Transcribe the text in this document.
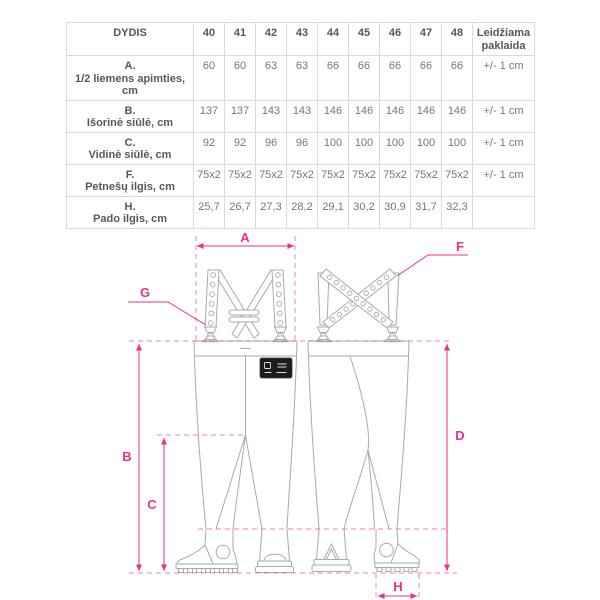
DYDIS	40	41	42	43	44	45	46	47	48	Leidžiama paklaida

A.
1/2 liemens apimties, cm	60	60	63	63	66	66	66	66	66	+/- 1 cm

B.
Išorinė siūlė, cm	137	137	143	143	146	146	146	146	146	+/- 1 cm

C.
Vidinė siūlė, cm	92	92	96	96	100	100	100	100	100	+/- 1 cm

F.
Petnešų ilgis, cm	75x2	75x2	75x2	75x2	75x2	75x2	75x2	75x2	75x2	+/- 1 cm

H.
Pado ilgis, cm	25,7	26,7	27,3	28,2	29,1	30,2	30,9	31,7	32,3	
A
B
C
D
F
G
H
